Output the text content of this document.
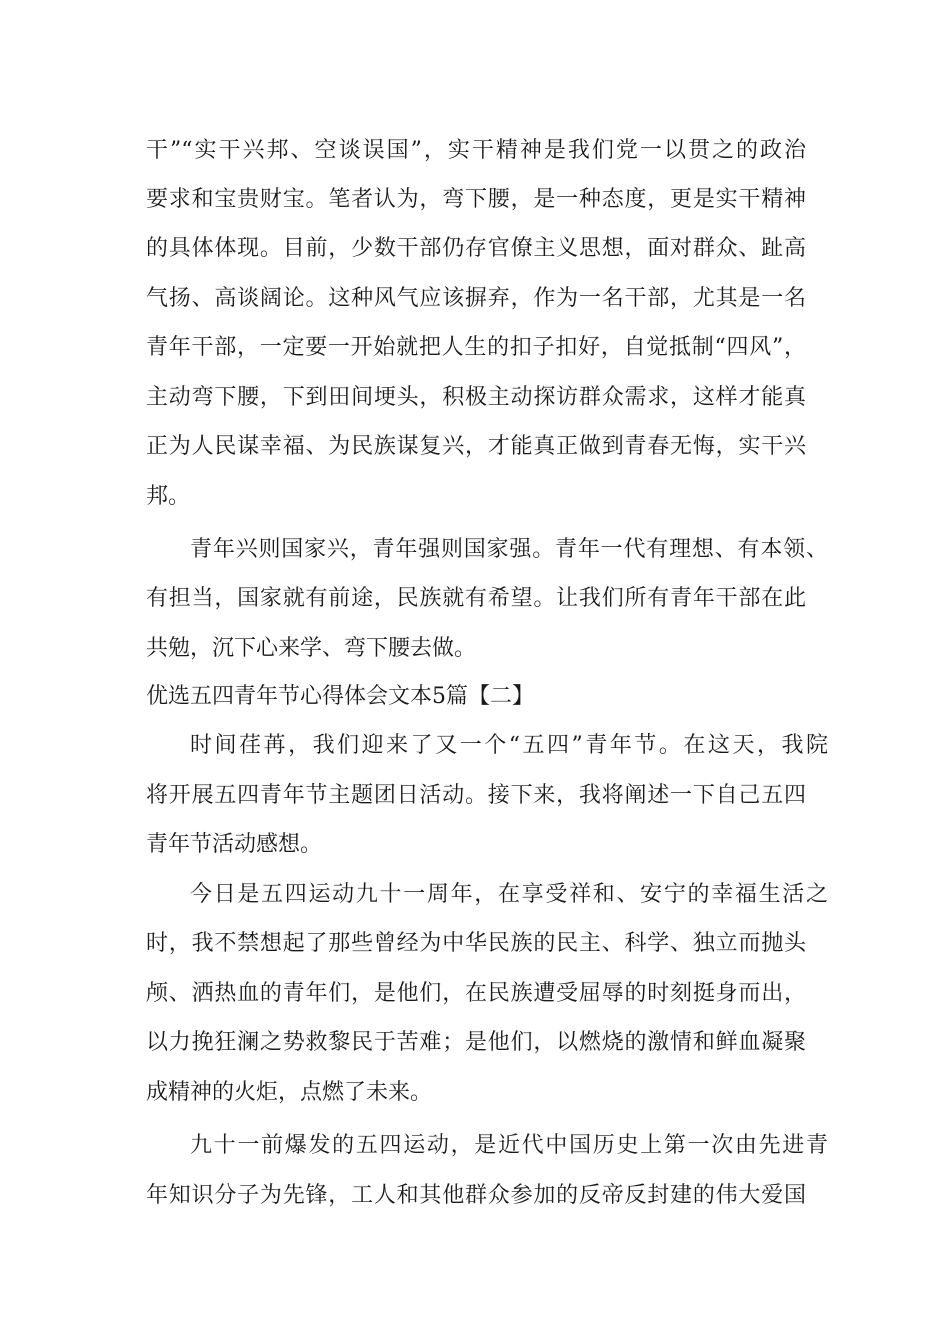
干”“实干兴邦、空谈误国”，实干精神是我们党一以贯之的政治
要求和宝贵财宝。笔者认为，弯下腰，是一种态度，更是实干精神
的具体体现。目前，少数干部仍存官僚主义思想，面对群众、趾高
气扬、高谈阔论。这种风气应该摒弃，作为一名干部，尤其是一名
青年干部，一定要一开始就把人生的扣子扣好，自觉抵制“四风”，
主动弯下腰，下到田间埂头，积极主动探访群众需求，这样才能真
正为人民谋幸福、为民族谋复兴，才能真正做到青春无悔，实干兴
邦。
青年兴则国家兴，青年强则国家强。青年一代有理想、有本领、
有担当，国家就有前途，民族就有希望。让我们所有青年干部在此
共勉，沉下心来学、弯下腰去做。
优选五四青年节心得体会文本5篇【二】
时间荏苒，我们迎来了又一个“五四”青年节。在这天，我院
将开展五四青年节主题团日活动。接下来，我将阐述一下自己五四
青年节活动感想。
今日是五四运动九十一周年，在享受祥和、安宁的幸福生活之
时，我不禁想起了那些曾经为中华民族的民主、科学、独立而抛头
颅、洒热血的青年们，是他们，在民族遭受屈辱的时刻挺身而出，
以力挽狂澜之势救黎民于苦难；是他们，以燃烧的激情和鲜血凝聚
成精神的火炬，点燃了未来。
九十一前爆发的五四运动，是近代中国历史上第一次由先进青
年知识分子为先锋，工人和其他群众参加的反帝反封建的伟大爱国
